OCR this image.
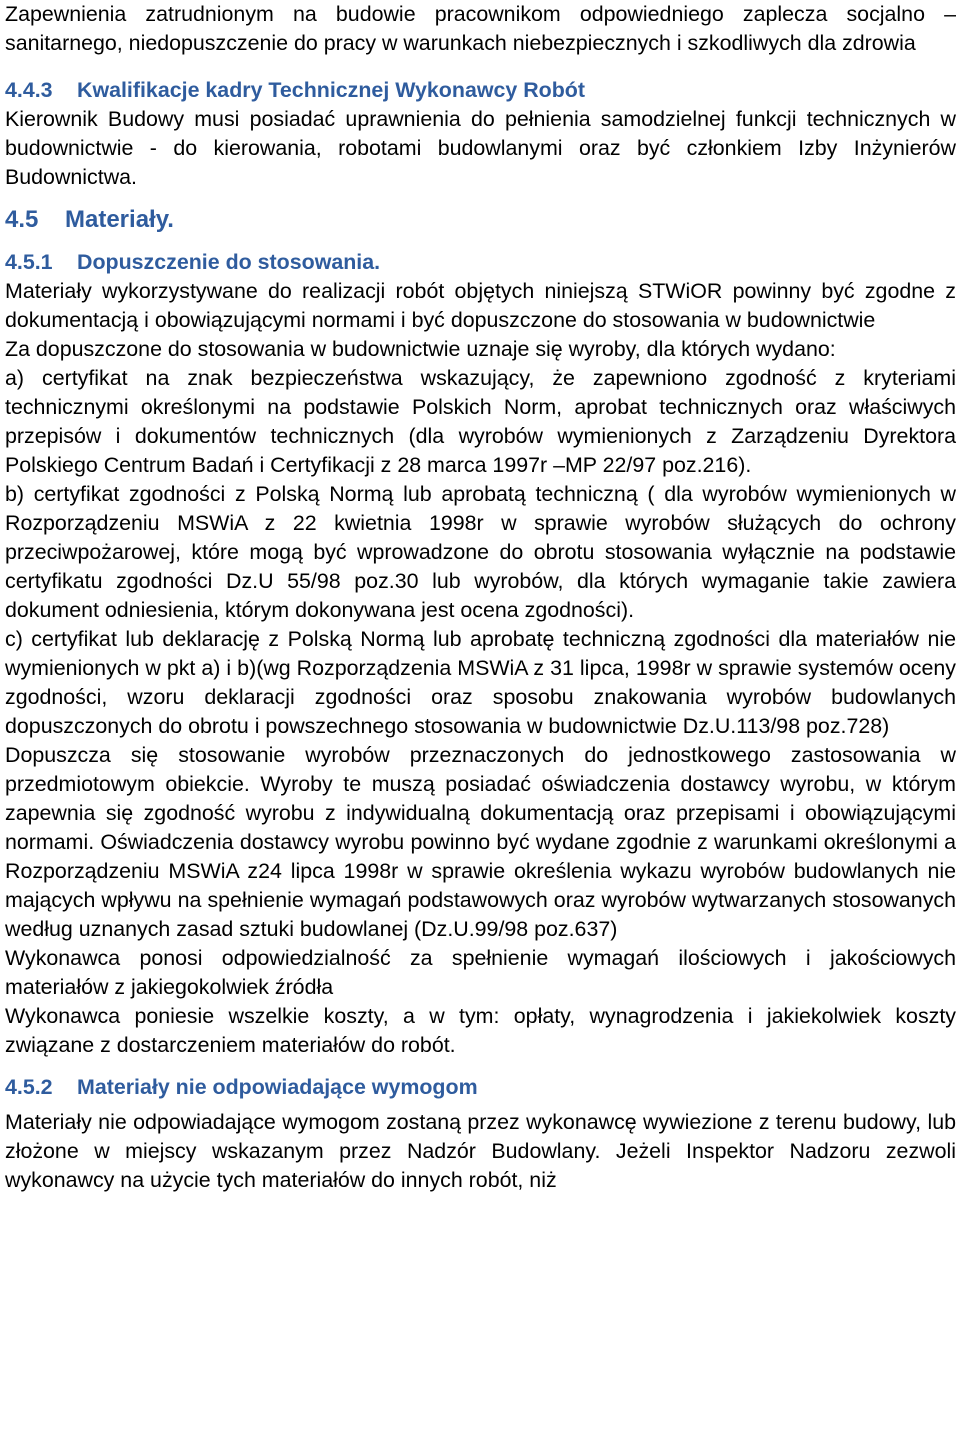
Zapewnienia zatrudnionym na budowie pracownikom odpowiedniego zaplecza socjalno – sanitarnego, niedopuszczenie do pracy w warunkach niebezpiecznych i szkodliwych dla zdrowia

4.4.3 Kwalifikacje kadry Technicznej Wykonawcy Robót

Kierownik Budowy musi posiadać uprawnienia do pełnienia samodzielnej funkcji technicznych w budownictwie - do kierowania, robotami budowlanymi oraz być członkiem Izby Inżynierów Budownictwa.

4.5 Materiały.
4.5.1 Dopuszczenie do stosowania.

Materiały wykorzystywane do realizacji robót objętych niniejszą STWiOR powinny być zgodne z dokumentacją i obowiązującymi normami i być dopuszczone do stosowania w budownictwie

Za dopuszczone do stosowania w budownictwie uznaje się wyroby, dla których wydano:

a) certyfikat na znak bezpieczeństwa wskazujący, że zapewniono zgodność z kryteriami technicznymi określonymi na podstawie Polskich Norm, aprobat technicznych oraz właściwych przepisów i dokumentów technicznych (dla wyrobów wymienionych z Zarządzeniu Dyrektora Polskiego Centrum Badań i Certyfikacji z 28 marca 1997r –MP 22/97 poz.216).

b) certyfikat zgodności z Polską Normą lub aprobatą techniczną ( dla wyrobów wymienionych w Rozporządzeniu MSWiA z 22 kwietnia 1998r w sprawie wyrobów służących do ochrony przeciwpożarowej, które mogą być wprowadzone do obrotu stosowania wyłącznie na podstawie certyfikatu zgodności Dz.U 55/98 poz.30 lub wyrobów, dla których wymaganie takie zawiera dokument odniesienia, którym dokonywana jest ocena zgodności).

c) certyfikat lub deklarację z Polską Normą lub aprobatę techniczną zgodności dla materiałów nie wymienionych w pkt a) i b)(wg Rozporządzenia MSWiA z 31 lipca, 1998r w sprawie systemów oceny zgodności, wzoru deklaracji zgodności oraz sposobu znakowania wyrobów budowlanych dopuszczonych do obrotu i powszechnego stosowania w budownictwie Dz.U.113/98 poz.728)

Dopuszcza się stosowanie wyrobów przeznaczonych do jednostkowego zastosowania w przedmiotowym obiekcie. Wyroby te muszą posiadać oświadczenia dostawcy wyrobu, w którym zapewnia się zgodność wyrobu z indywidualną dokumentacją oraz przepisami i obowiązującymi normami. Oświadczenia dostawcy wyrobu powinno być wydane zgodnie z warunkami określonymi a Rozporządzeniu MSWiA z24 lipca 1998r w sprawie określenia wykazu wyrobów budowlanych nie mających wpływu na spełnienie wymagań podstawowych oraz wyrobów wytwarzanych stosowanych według uznanych zasad sztuki budowlanej (Dz.U.99/98 poz.637)

Wykonawca ponosi odpowiedzialność za spełnienie wymagań ilościowych i jakościowych materiałów z jakiegokolwiek źródła

Wykonawca poniesie wszelkie koszty, a w tym: opłaty, wynagrodzenia i jakiekolwiek koszty związane z dostarczeniem materiałów do robót.

4.5.2 Materiały nie odpowiadające wymogom

Materiały nie odpowiadające wymogom zostaną przez wykonawcę wywiezione z terenu budowy, lub złożone w miejscy wskazanym przez Nadzór Budowlany. Jeżeli Inspektor Nadzoru zezwoli wykonawcy na użycie tych materiałów do innych robót, niż
